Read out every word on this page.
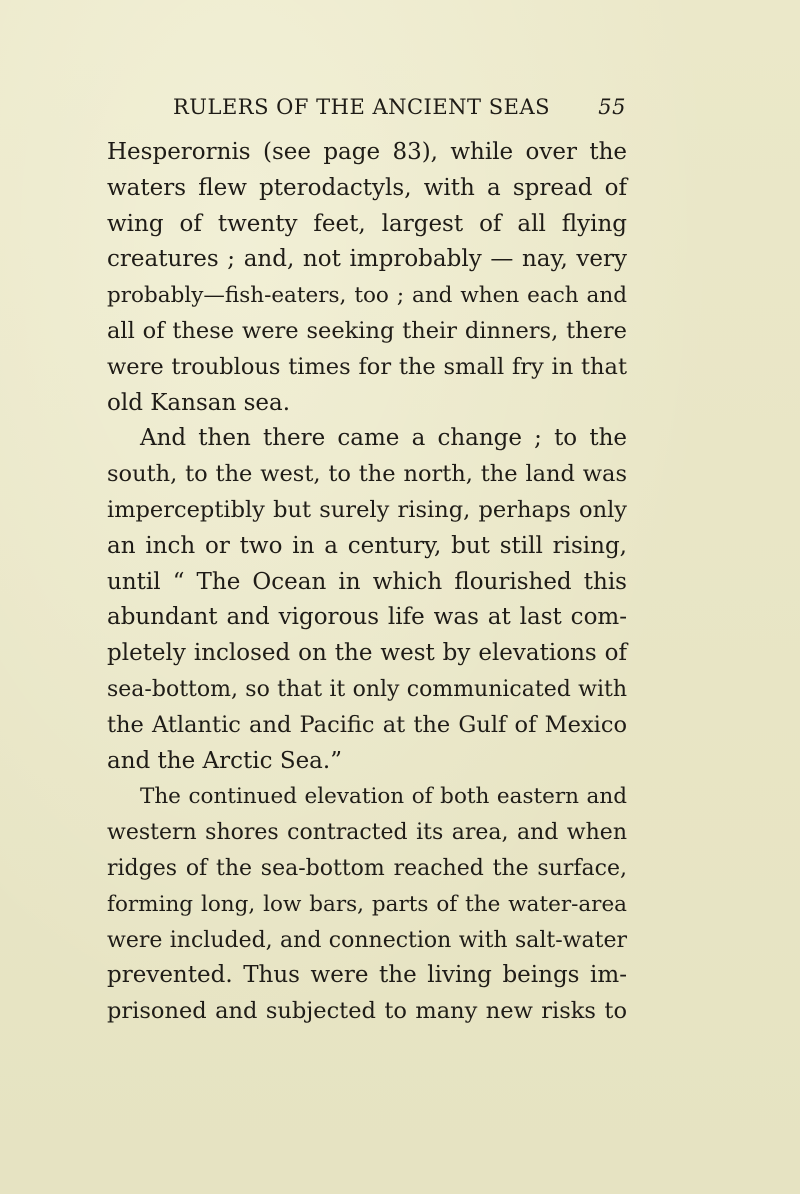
RULERS OF THE ANCIENT SEAS 55
Hesperornis (see page 83), while over the
waters flew pterodactyls, with a spread of
wing of twenty feet, largest of all flying
creatures ; and, not improbably — nay, very
probably—fish-eaters, too ; and when each and
all of these were seeking their dinners, there
were troublous times for the small fry in that
old Kansan sea.
And then there came a change ; to the
south, to the west, to the north, the land was
imperceptibly but surely rising, perhaps only
an inch or two in a century, but still rising,
until “ The Ocean in which flourished this
abundant and vigorous life was at last com-
pletely inclosed on the west by elevations of
sea-bottom, so that it only communicated with
the Atlantic and Pacific at the Gulf of Mexico
and the Arctic Sea.”
The continued elevation of both eastern and
western shores contracted its area, and when
ridges of the sea-bottom reached the surface,
forming long, low bars, parts of the water-area
were included, and connection with salt-water
prevented. Thus were the living beings im-
prisoned and subjected to many new risks to
